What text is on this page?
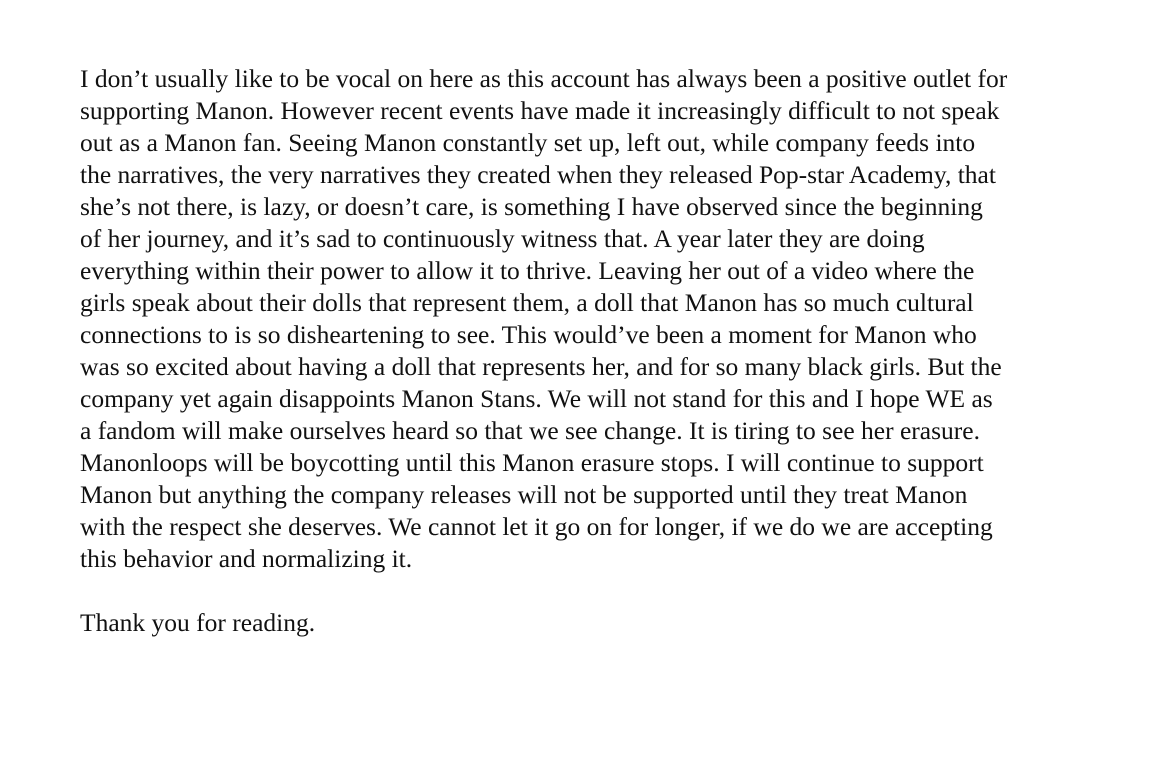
I don’t usually like to be vocal on here as this account has always been a positive outlet for
supporting Manon. However recent events have made it increasingly difficult to not speak
out as a Manon fan. Seeing Manon constantly set up, left out, while company feeds into
the narratives, the very narratives they created when they released Pop-star Academy, that
she’s not there, is lazy, or doesn’t care, is something I have observed since the beginning
of her journey, and it’s sad to continuously witness that. A year later they are doing
everything within their power to allow it to thrive. Leaving her out of a video where the
girls speak about their dolls that represent them, a doll that Manon has so much cultural
connections to is so disheartening to see. This would’ve been a moment for Manon who
was so excited about having a doll that represents her, and for so many black girls. But the
company yet again disappoints Manon Stans. We will not stand for this and I hope WE as
a fandom will make ourselves heard so that we see change. It is tiring to see her erasure.
Manonloops will be boycotting until this Manon erasure stops. I will continue to support
Manon but anything the company releases will not be supported until they treat Manon
with the respect she deserves. We cannot let it go on for longer, if we do we are accepting
this behavior and normalizing it.
Thank you for reading.
